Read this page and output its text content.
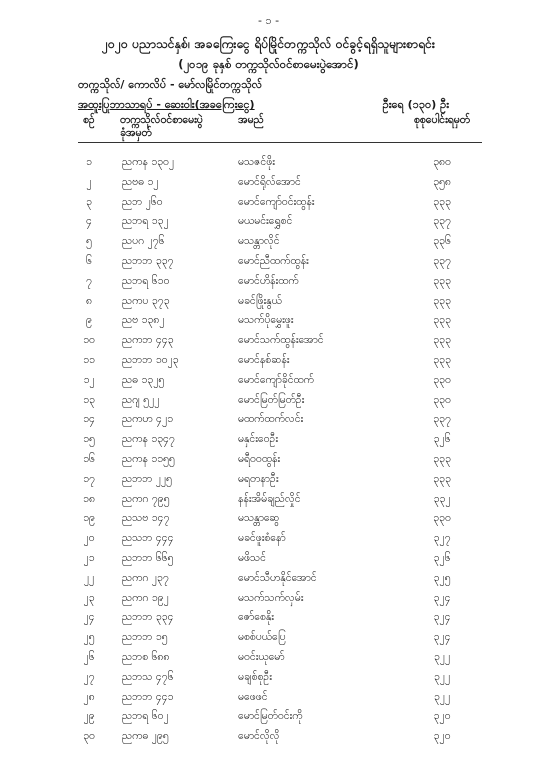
- ၁ -
၂၀၂၀ ပညာသင်နှစ်၊ အခကြေးငွေ ရိပ်မြိုင်တက္ကသိုလ် ဝင်ခွင့်ရရှိသူများစာရင်း
(၂၀၁၉ ခုနှစ် တက္ကသိုလ်ဝင်စာမေးပွဲအောင်)
တက္ကသိုလ်/ ကောလိပ် - မော်လမြိုင်တက္ကသိုလ်
အထူးပြုဘာသာရပ် - ဆေးဝါး(အခကြေးငွေ)	ဦးရေ (၁၃၀) ဦး
စဉ်	တက္ကသိုလ်ဝင်စာမေးပွဲ
ခုံအမှတ်
အမည်	စုစုပေါင်းရမှတ်
၁	ညကန ၁၃၀၂	မသဇင်ဖိုး	၃၈၀
၂	ညဗဓ ၁၂	မောင်ရိုလ်အောင်	၃၅၈
၃	ညဘ ၂၆၀	မောင်ကျော်ဝင်းထွန်း	၃၃၃
၄	ညဘရ ၁၃၂	မယမင်းရွှေစင်	၃၃၇
၅	ညပဂ ၂၇၆	မသန္တာလိုင်	၃၃၆
၆	ညဘဘ ၃၃၇	မောင်ညီထက်ထွန်း	၃၃၇
၇	ညဘရ ၆၁၀	မောင်ဟိန်းထက်	၃၃၃
၈	ညကပ ၃၇၃	မခင်ဖြိုးနွယ်	၃၃၃
၉	ညဗ ၁၃၈၂	မသက်ပိုမွှေးဖူး	၃၃၃
၁၀	ညကဘ ၄၄၃	မောင်သက်ထွန်းအောင်	၃၃၃
၁၁	ညဘဘ ၁၀၂၃	မောင်နစ်ဆန်း	၃၃၃
၁၂	ညဓ ၁၃၂၅	မောင်ကျော်ခိုင်ထက်	၃၃၀
၁၃	ညဂျ ၅၂၂	မောင်မြတ်မြတ်ဦး	၃၃၀
၁၄	ညကဟ ၄၂၁	မထက်ထက်လင်း	၃၃၇
၁၅	ညကန ၁၃၄၇	မနှင်းဝေဦး	၃၂၆
၁၆	ညကန ၁၁၅၅	မရီဝဝထွန်း	၃၃၃
၁၇	ညဘဘ ၂၂၅	မရတနာဦး	၃၃၃
၁၈	ညကဂ ၇၉၅	နန်းအိမ်ချည်လှိုင်	၃၃၂
၁၉	ညသဗ ၁၄၇	မသန္တာဆွေ	၃၃၀
၂၀	ညသဘ ၄၄၄	မခင်ဖူးစံနော်	၃၂၇
၂၁	ညဘဘ ၆၆၅	မဖိသင်	၃၂၆
၂၂	ညကဂ ၂၃၇	မောင်သီဟနိုင်အောင်	၃၂၅
၂၃	ညကဂ ၁၉၂	မသက်သက်လှမ်း	၃၂၄
၂၄	ညဘဘ ၃၃၄	ဇော်စေနိုး	၃၂၄
၂၅	ညဘဘ ၁၅	မစစ်ပယ်ပြေ	၃၂၄
၂၆	ညဘစ ၆၈၈	မဝင်းယုမော်	၃၂၂
၂၇	ညဘသ ၄၇၆	မချစ်စုဦး	၃၂၂
၂၈	ညဘဘ ၄၄၁	မဖေဖင်	၃၂၂
၂၉	ညဘရ ၆၀၂	မောင်မြတ်ဝင်းကို	၃၂၀
၃၀	ညကဓ ၂၉၅	မောင်လိုလို	၃၂၀
